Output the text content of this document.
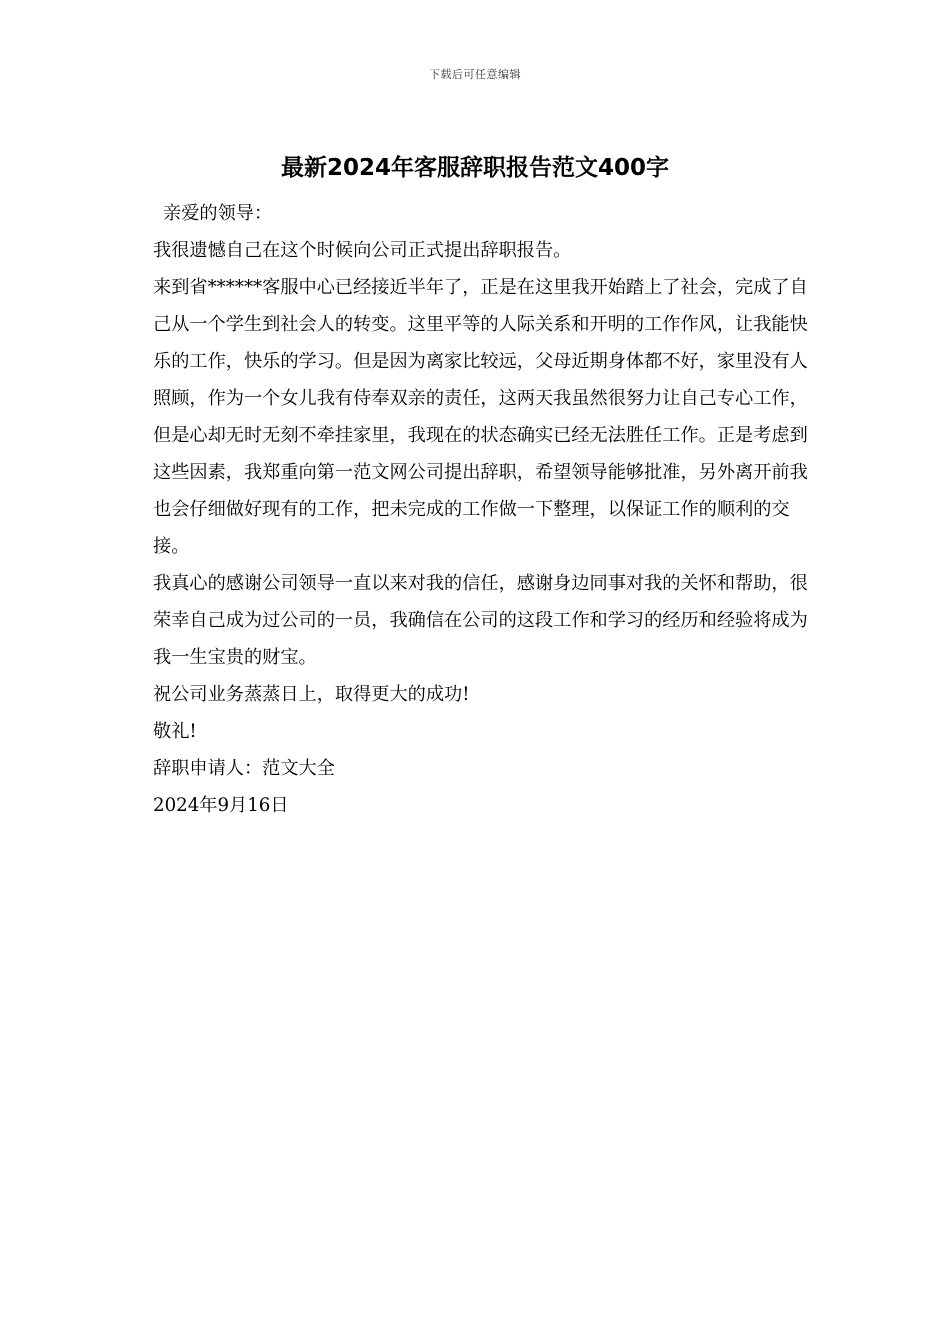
下载后可任意编辑
最新2024年客服辞职报告范文400字

亲爱的领导：

我很遗憾自己在这个时候向公司正式提出辞职报告。

来到省******客服中心已经接近半年了，正是在这里我开始踏上了社会，完成了自己从一个学生到社会人的转变。这里平等的人际关系和开明的工作作风，让我能快乐的工作，快乐的学习。但是因为离家比较远，父母近期身体都不好，家里没有人照顾，作为一个女儿我有侍奉双亲的责任，这两天我虽然很努力让自己专心工作，但是心却无时无刻不牵挂家里，我现在的状态确实已经无法胜任工作。正是考虑到这些因素，我郑重向第一范文网公司提出辞职，希望领导能够批准，另外离开前我也会仔细做好现有的工作，把未完成的工作做一下整理，以保证工作的顺利的交接。

我真心的感谢公司领导一直以来对我的信任，感谢身边同事对我的关怀和帮助，很荣幸自己成为过公司的一员，我确信在公司的这段工作和学习的经历和经验将成为我一生宝贵的财宝。

祝公司业务蒸蒸日上，取得更大的成功!

敬礼!

辞职申请人：范文大全

2024年9月16日
